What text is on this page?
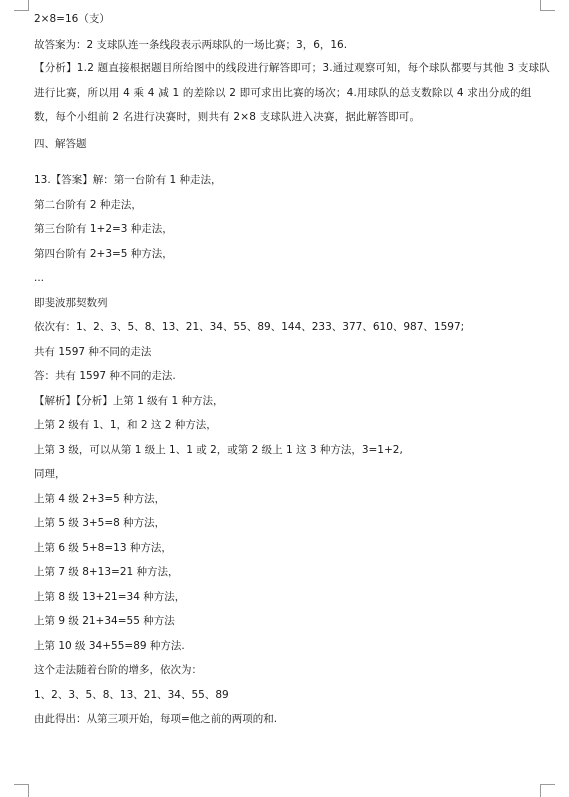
2×8=16（支）
故答案为：2 支球队连一条线段表示两球队的一场比赛；3，6，16.
【分析】1.2 题直接根据题目所给图中的线段进行解答即可；3.通过观察可知，每个球队都要与其他 3 支球队进行比赛，所以用 4 乘 4 减 1 的差除以 2 即可求出比赛的场次；4.用球队的总支数除以 4 求出分成的组数，每个小组前 2 名进行决赛时，则共有 2×8 支球队进入决赛，据此解答即可。
四、解答题
13.【答案】解：第一台阶有 1 种走法，
第二台阶有 2 种走法，
第三台阶有 1+2=3 种走法，
第四台阶有 2+3=5 种方法，
...
即斐波那契数列
依次有：1、2、3、5、8、13、21、34、55、89、144、233、377、610、987、1597;
共有 1597 种不同的走法
答：共有 1597 种不同的走法.
【解析】【分析】上第 1 级有 1 种方法，
上第 2 级有 1、1，和 2 这 2 种方法，
上第 3 级，可以从第 1 级上 1、1 或 2，或第 2 级上 1 这 3 种方法，3=1+2,
同理，
上第 4 级 2+3=5 种方法，
上第 5 级 3+5=8 种方法，
上第 6 级 5+8=13 种方法，
上第 7 级 8+13=21 种方法，
上第 8 级 13+21=34 种方法，
上第 9 级 21+34=55 种方法
上第 10 级 34+55=89 种方法.
这个走法随着台阶的增多，依次为：
1、2、3、5、8、13、21、34、55、89
由此得出：从第三项开始，每项=他之前的两项的和.
